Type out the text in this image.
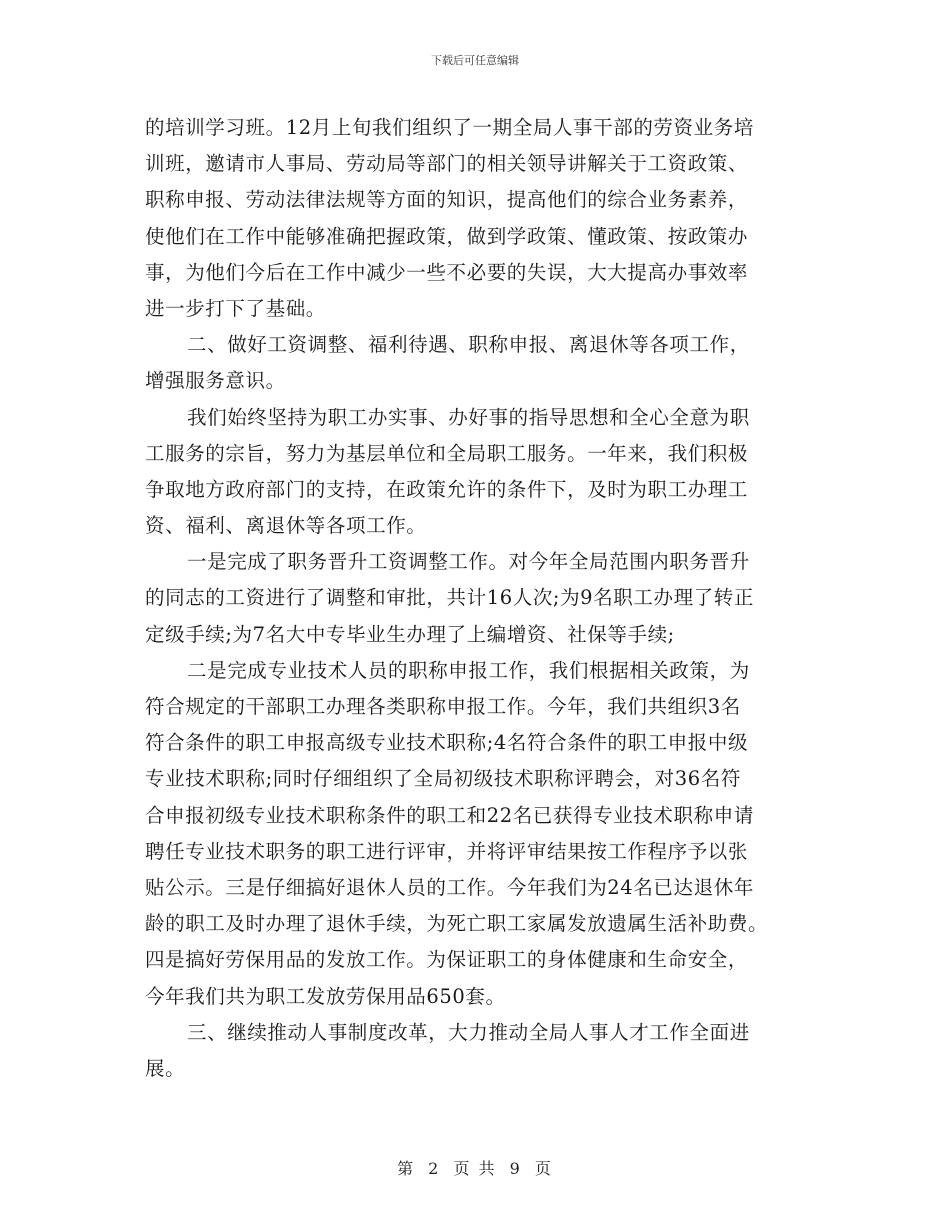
下载后可任意编辑
的培训学习班。12月上旬我们组织了一期全局人事干部的劳资业务培
训班，邀请市人事局、劳动局等部门的相关领导讲解关于工资政策、
职称申报、劳动法律法规等方面的知识，提高他们的综合业务素养，
使他们在工作中能够准确把握政策，做到学政策、懂政策、按政策办
事，为他们今后在工作中减少一些不必要的失误，大大提高办事效率
进一步打下了基础。
二、做好工资调整、福利待遇、职称申报、离退休等各项工作，
增强服务意识。
我们始终坚持为职工办实事、办好事的指导思想和全心全意为职
工服务的宗旨，努力为基层单位和全局职工服务。一年来，我们积极
争取地方政府部门的支持，在政策允许的条件下，及时为职工办理工
资、福利、离退休等各项工作。
一是完成了职务晋升工资调整工作。对今年全局范围内职务晋升
的同志的工资进行了调整和审批，共计16人次;为9名职工办理了转正
定级手续;为7名大中专毕业生办理了上编增资、社保等手续;
二是完成专业技术人员的职称申报工作，我们根据相关政策，为
符合规定的干部职工办理各类职称申报工作。今年，我们共组织3名
符合条件的职工申报高级专业技术职称;4名符合条件的职工申报中级
专业技术职称;同时仔细组织了全局初级技术职称评聘会，对36名符
合申报初级专业技术职称条件的职工和22名已获得专业技术职称申请
聘任专业技术职务的职工进行评审，并将评审结果按工作程序予以张
贴公示。三是仔细搞好退休人员的工作。今年我们为24名已达退休年
龄的职工及时办理了退休手续，为死亡职工家属发放遗属生活补助费。
四是搞好劳保用品的发放工作。为保证职工的身体健康和生命安全，
今年我们共为职工发放劳保用品650套。
三、继续推动人事制度改革，大力推动全局人事人才工作全面进
展。
第 2 页 共 9 页
